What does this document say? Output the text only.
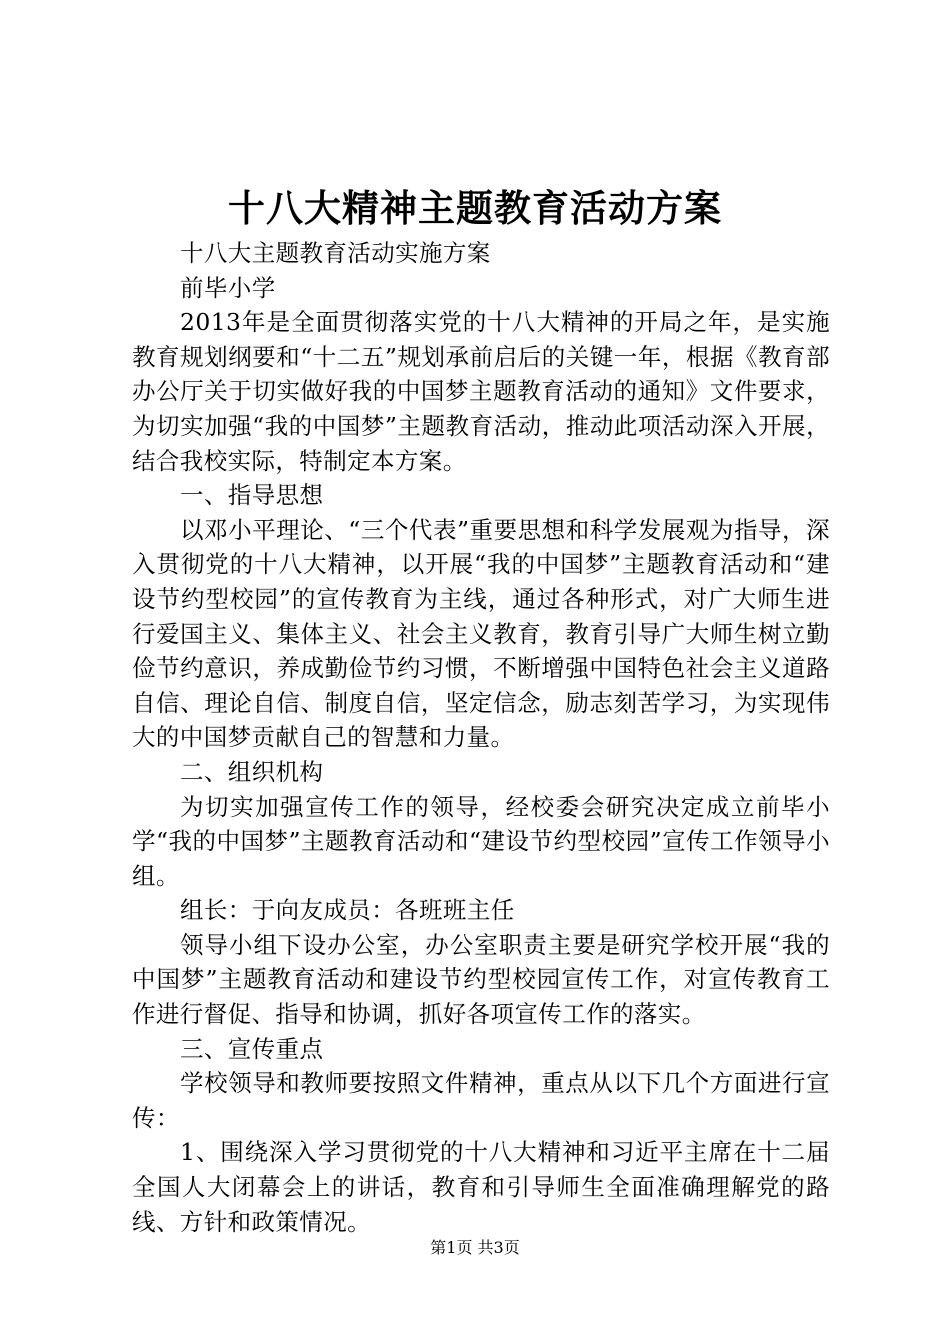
十八大精神主题教育活动方案

十八大主题教育活动实施方案

前毕小学

2013年是全面贯彻落实党的十八大精神的开局之年，是实施教育规划纲要和“十二五”规划承前启后的关键一年，根据《教育部办公厅关于切实做好我的中国梦主题教育活动的通知》文件要求，为切实加强“我的中国梦”主题教育活动，推动此项活动深入开展，结合我校实际，特制定本方案。

一、指导思想

以邓小平理论、“三个代表”重要思想和科学发展观为指导，深入贯彻党的十八大精神，以开展“我的中国梦”主题教育活动和“建设节约型校园”的宣传教育为主线，通过各种形式，对广大师生进行爱国主义、集体主义、社会主义教育，教育引导广大师生树立勤俭节约意识，养成勤俭节约习惯，不断增强中国特色社会主义道路自信、理论自信、制度自信，坚定信念，励志刻苦学习，为实现伟大的中国梦贡献自己的智慧和力量。

二、组织机构

为切实加强宣传工作的领导，经校委会研究决定成立前毕小学“我的中国梦”主题教育活动和“建设节约型校园”宣传工作领导小组。

组长：于向友成员：各班班主任

领导小组下设办公室，办公室职责主要是研究学校开展“我的中国梦”主题教育活动和建设节约型校园宣传工作，对宣传教育工作进行督促、指导和协调，抓好各项宣传工作的落实。

三、宣传重点

学校领导和教师要按照文件精神，重点从以下几个方面进行宣传：

1、围绕深入学习贯彻党的十八大精神和习近平主席在十二届全国人大闭幕会上的讲话，教育和引导师生全面准确理解党的路线、方针和政策情况。

第1页 共3页
